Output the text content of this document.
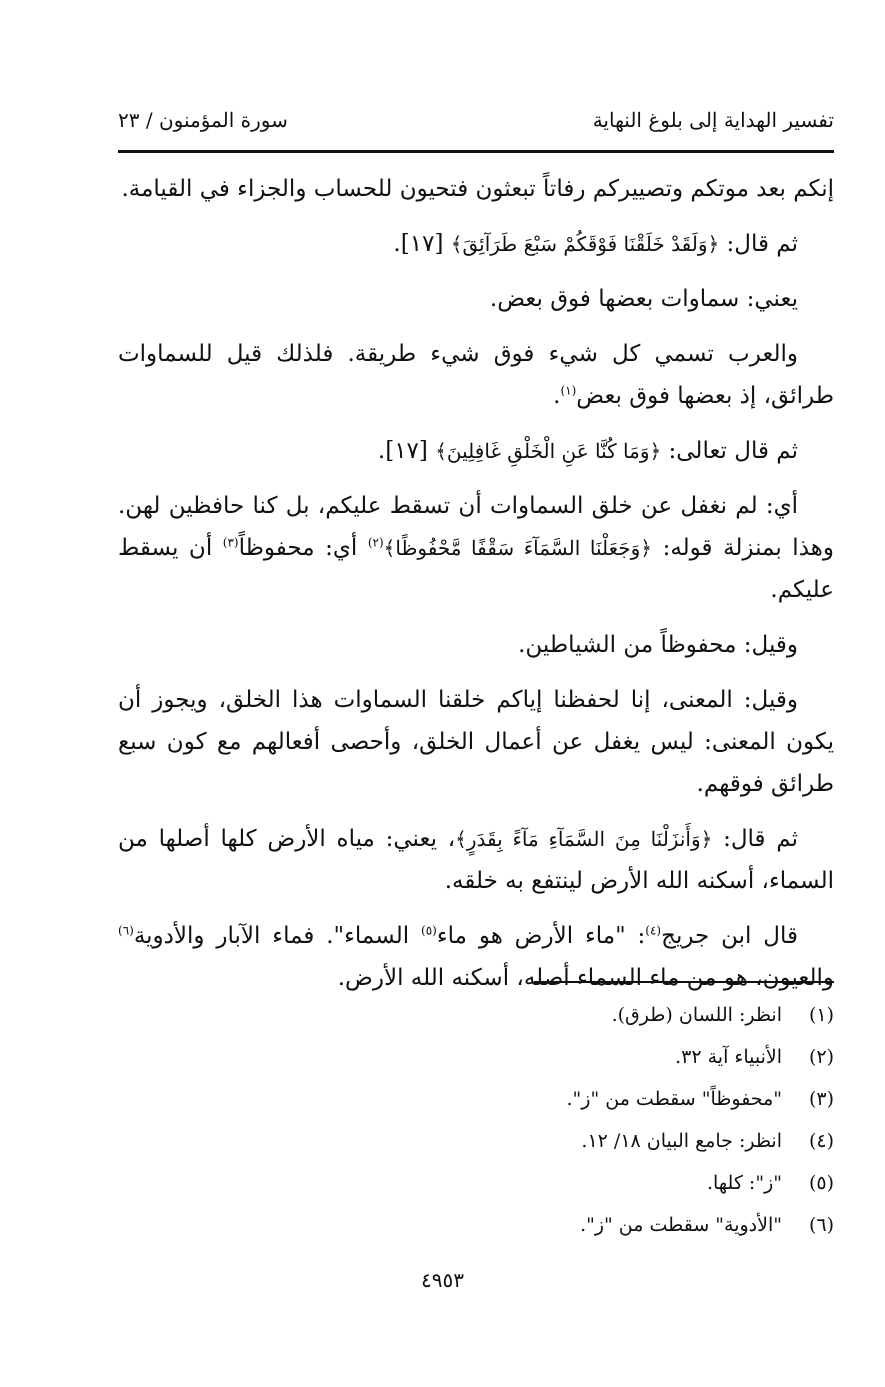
تفسير الهداية إلى بلوغ النهاية
سورة المؤمنون / ٢٣

إنكم بعد موتكم وتصييركم رفاتاً تبعثون فتحيون للحساب والجزاء في القيامة.

ثم قال: ﴿وَلَقَدْ خَلَقْنَا فَوْقَكُمْ سَبْعَ طَرَآئِقَ﴾ [١٧].

يعني: سماوات بعضها فوق بعض.

والعرب تسمي كل شيء فوق شيء طريقة. فلذلك قيل للسماوات طرائق، إذ بعضها فوق بعض$^{(١)}$.

ثم قال تعالى: ﴿وَمَا كُنَّا عَنِ الْخَلْقِ غَافِلِينَ﴾ [١٧].

أي: لم نغفل عن خلق السماوات أن تسقط عليكم، بل كنا حافظين لهن. وهذا بمنزلة قوله: ﴿وَجَعَلْنَا السَّمَآءَ سَقْفًا مَّحْفُوظًا﴾$^{(٢)}$ أي: محفوظاً$^{(٣)}$ أن يسقط عليكم.

وقيل: محفوظاً من الشياطين.

وقيل: المعنى، إنا لحفظنا إياكم خلقنا السماوات هذا الخلق، ويجوز أن يكون المعنى: ليس يغفل عن أعمال الخلق، وأحصى أفعالهم مع كون سبع طرائق فوقهم.

ثم قال: ﴿وَأَنزَلْنَا مِنَ السَّمَآءِ مَآءً بِقَدَرٍ﴾، يعني: مياه الأرض كلها أصلها من السماء، أسكنه الله الأرض لينتفع به خلقه.

قال ابن جريج$^{(٤)}$: "ماء الأرض هو ماء$^{(٥)}$ السماء". فماء الآبار والأدوية$^{(٦)}$ والعيون، هو من ماء السماء أصله، أسكنه الله الأرض.

(١)
انظر: اللسان (طرق).
(٢)
الأنبياء آية ٣٢.
(٣)
"محفوظاً" سقطت من "ز".
(٤)
انظر: جامع البيان ١٨/ ١٢.
(٥)
"ز": كلها.
(٦)
"الأدوية" سقطت من "ز".
٤٩٥٣
